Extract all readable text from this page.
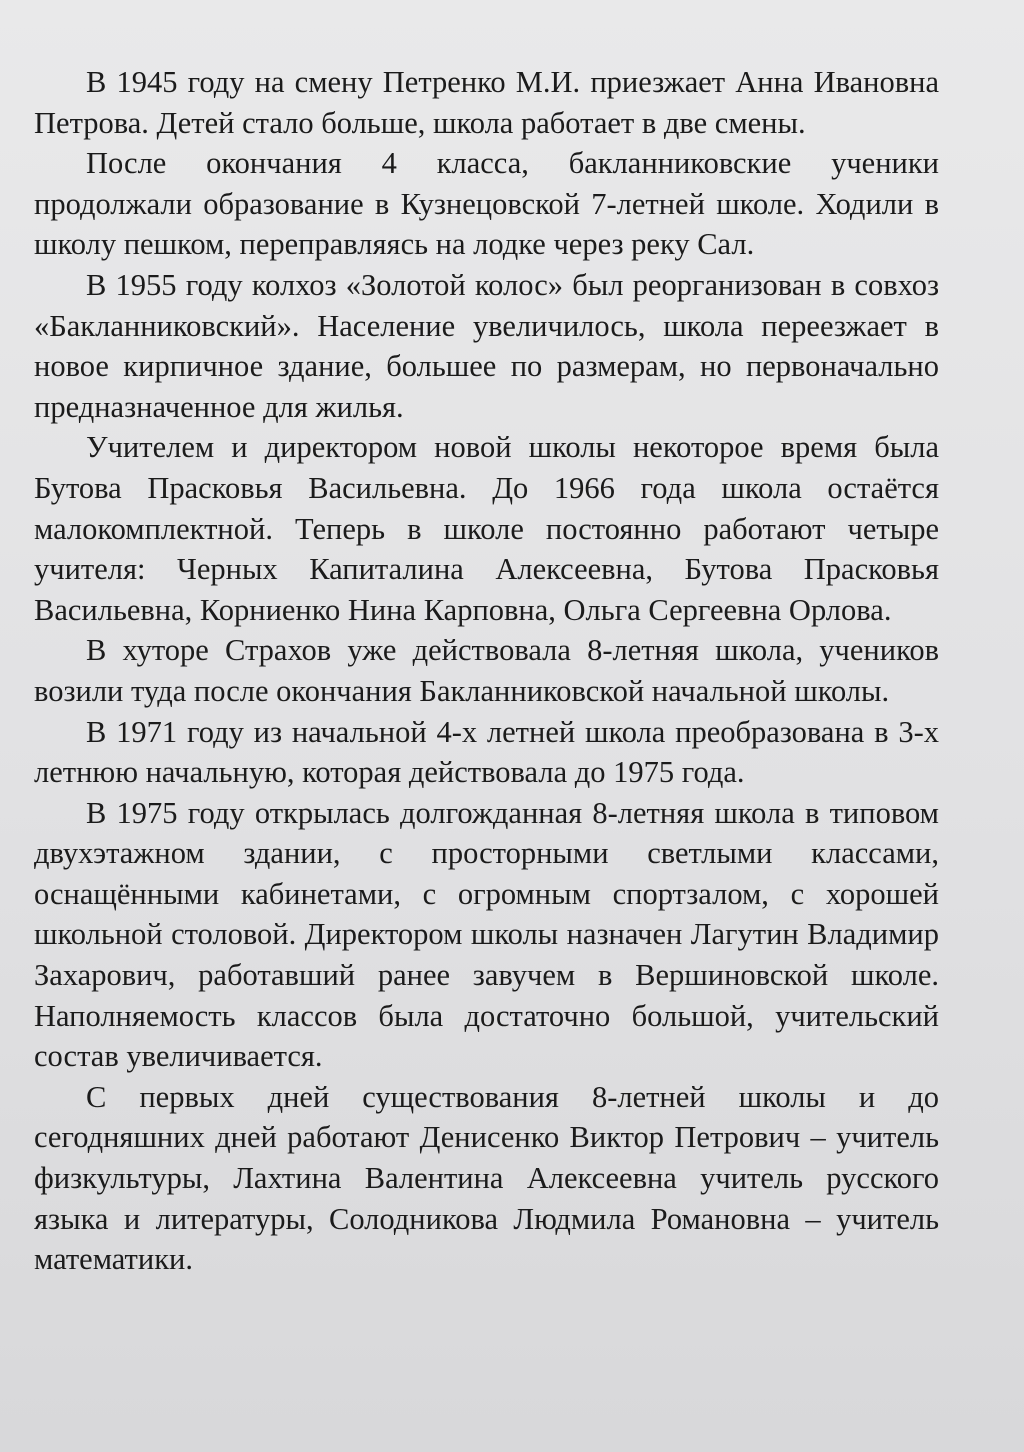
В 1945 году на смену Петренко М.И. приезжает Анна Ивановна Петрова. Детей стало больше, школа работает в две смены.

После окончания 4 класса, бакланниковские ученики продолжали образование в Кузнецовской 7-летней школе. Ходили в школу пешком, переправляясь на лодке через реку Сал.

В 1955 году колхоз «Золотой колос» был реорганизован в совхоз «Бакланниковский». Население увеличилось, школа переезжает в новое кирпичное здание, большее по размерам, но первоначально предназначенное для жилья.

Учителем и директором новой школы некоторое время была Бутова Прасковья Васильевна. До 1966 года школа остаётся малокомплектной. Теперь в школе постоянно работают четыре учителя: Черных Капиталина Алексеевна, Бутова Прасковья Васильевна, Корниенко Нина Карповна, Ольга Сергеевна Орлова.

В хуторе Страхов уже действовала 8-летняя школа, учеников возили туда после окончания Бакланниковской начальной школы.

В 1971 году из начальной 4-х летней школа преобразована в 3-х летнюю начальную, которая действовала до 1975 года.

В 1975 году открылась долгожданная 8-летняя школа в типовом двухэтажном здании, с просторными светлыми классами, оснащёнными кабинетами, с огромным спортзалом, с хорошей школьной столовой. Директором школы назначен Лагутин Владимир Захарович, работавший ранее завучем в Вершиновской школе. Наполняемость классов была достаточно большой, учительский состав увеличивается.

С первых дней существования 8-летней школы и до сегодняшних дней работают Денисенко Виктор Петрович – учитель физкультуры, Лахтина Валентина Алексеевна учитель русского языка и литературы, Солодникова Людмила Романовна – учитель математики.
